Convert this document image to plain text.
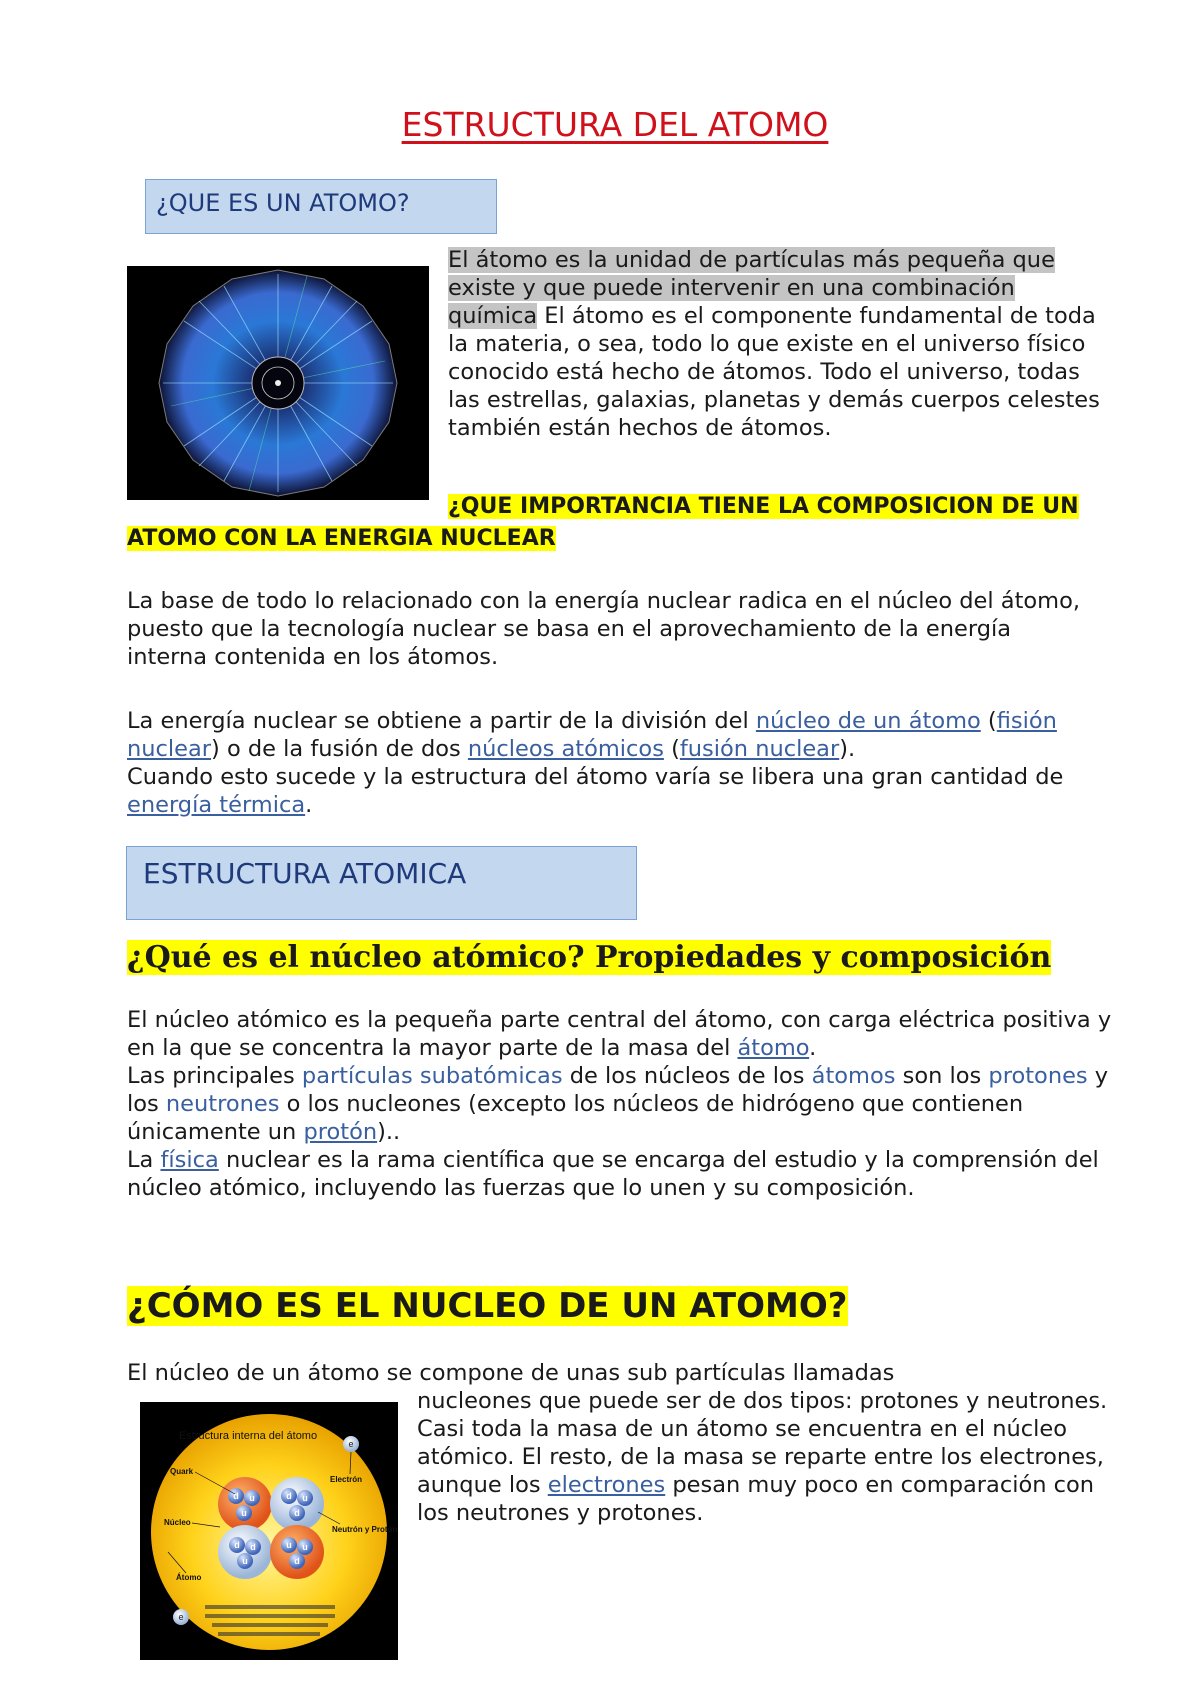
ESTRUCTURA DEL ATOMO
¿QUE ES UN ATOMO?
El átomo es la unidad de partículas más pequeña que existe y que puede intervenir en una combinación química El átomo es el componente fundamental de toda la materia, o sea, todo lo que existe en el universo físico conocido está hecho de átomos. Todo el universo, todas las estrellas, galaxias, planetas y demás cuerpos celestes también están hechos de átomos.
¿QUE IMPORTANCIA TIENE LA COMPOSICION DE UN ATOMO CON LA ENERGIA NUCLEAR
La base de todo lo relacionado con la energía nuclear radica en el núcleo del átomo, puesto que la tecnología nuclear se basa en el aprovechamiento de la energía interna contenida en los átomos.
La energía nuclear se obtiene a partir de la división del núcleo de un átomo (fisión nuclear) o de la fusión de dos núcleos atómicos (fusión nuclear).
Cuando esto sucede y la estructura del átomo varía se libera una gran cantidad de energía térmica.
ESTRUCTURA ATOMICA
¿Qué es el núcleo atómico? Propiedades y composición
El núcleo atómico es la pequeña parte central del átomo, con carga eléctrica positiva y en la que se concentra la mayor parte de la masa del átomo.
Las principales partículas subatómicas de los núcleos de los átomos son los protones y los neutrones o los nucleones (excepto los núcleos de hidrógeno que contienen únicamente un protón)..
La física nuclear es la rama científica que se encarga del estudio y la comprensión del núcleo atómico, incluyendo las fuerzas que lo unen y su composición.
¿CÓMO ES EL NUCLEO DE UN ATOMO?
El núcleo de un átomo se compone de unas sub partículas llamadas
nucleones que puede ser de dos tipos: protones y neutrones.
Casi toda la masa de un átomo se encuentra en el núcleo atómico. El resto, de la masa se reparte entre los electrones, aunque los electrones pesan muy poco en comparación con los neutrones y protones.
Estructura interna del átomo
d u
u
d u
d
d d
u
u u
d
e
e
Quark
Electrón
Núcleo
Neutrón y Protón
Átomo
